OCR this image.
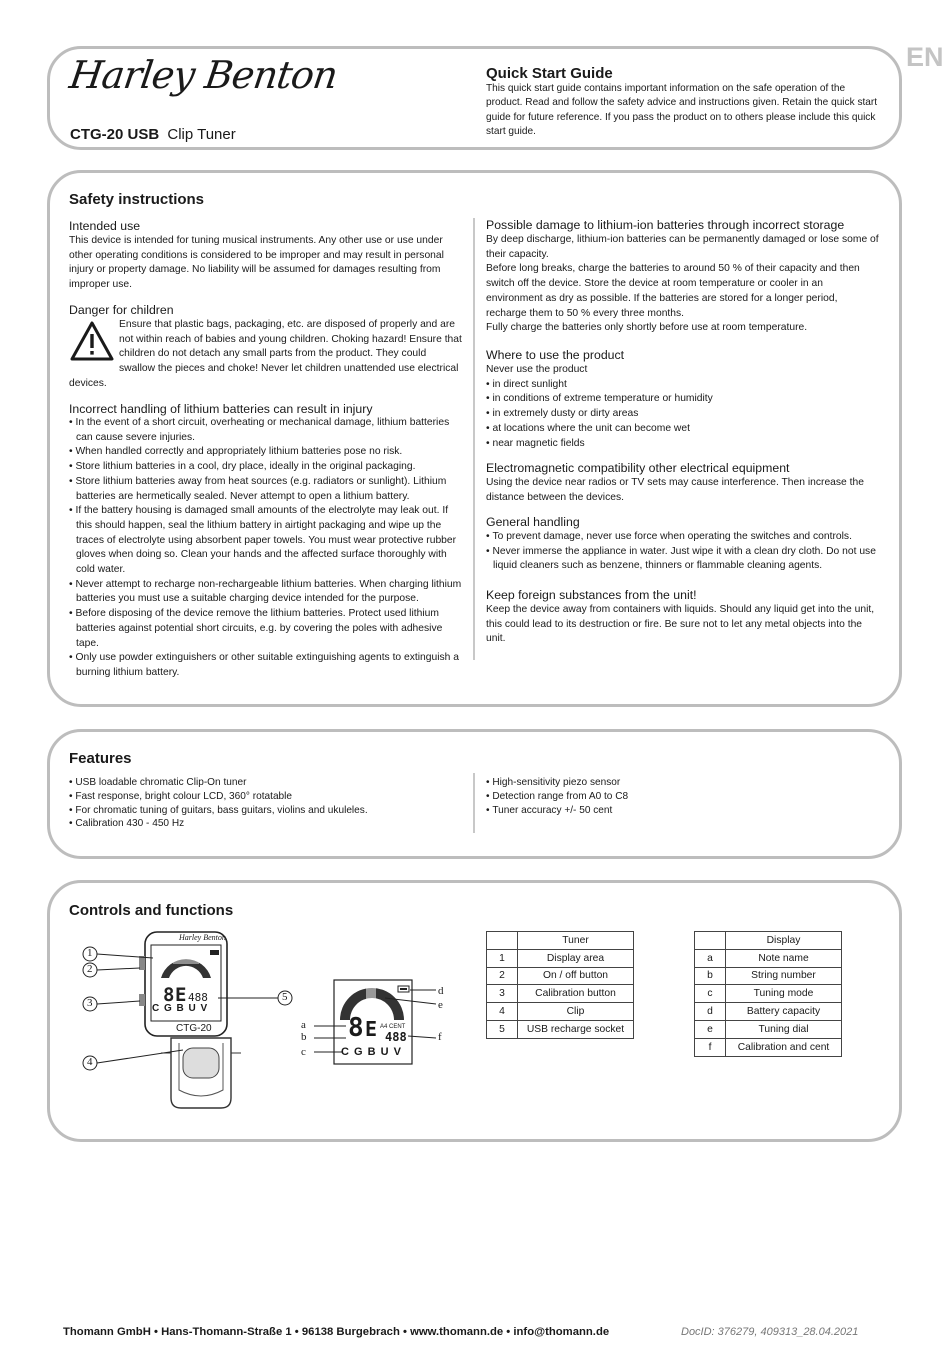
EN
Harley Benton
CTG-20 USB Clip Tuner
Quick Start Guide
This quick start guide contains important information on the safe operation of the product. Read and follow the safety advice and instructions given. Retain the quick start guide for future reference. If you pass the product on to others please include this quick start guide.
Safety instructions
Intended use
This device is intended for tuning musical instruments. Any other use or use under other operating conditions is considered to be improper and may result in personal injury or property damage. No liability will be assumed for damages resulting from improper use.
Danger for children
Ensure that plastic bags, packaging, etc. are disposed of properly and are not within reach of babies and young children. Choking hazard! Ensure that children do not detach any small parts from the product. They could swallow the pieces and choke! Never let children unattended use electrical devices.
Incorrect handling of lithium batteries can result in injury
• In the event of a short circuit, overheating or mechanical damage, lithium batteries can cause severe injuries.
• When handled correctly and appropriately lithium batteries pose no risk.
• Store lithium batteries in a cool, dry place, ideally in the original packaging.
• Store lithium batteries away from heat sources (e.g. radiators or sunlight). Lithium batteries are hermetically sealed. Never attempt to open a lithium battery.
• If the battery housing is damaged small amounts of the electrolyte may leak out. If this should happen, seal the lithium battery in airtight packaging and wipe up the traces of electrolyte using absorbent paper towels. You must wear protective rubber gloves when doing so. Clean your hands and the affected surface thoroughly with cold water.
• Never attempt to recharge non-rechargeable lithium batteries. When charging lithium batteries you must use a suitable charging device intended for the purpose.
• Before disposing of the device remove the lithium batteries. Protect used lithium batteries against potential short circuits, e.g. by covering the poles with adhesive tape.
• Only use powder extinguishers or other suitable extinguishing agents to extinguish a burning lithium battery.
Possible damage to lithium-ion batteries through incorrect storage

By deep discharge, lithium-ion batteries can be permanently damaged or lose some of their capacity.

Before long breaks, charge the batteries to around 50 % of their capacity and then switch off the device. Store the device at room temperature or cooler in an environment as dry as possible. If the batteries are stored for a longer period, recharge them to 50 % every three months.

Fully charge the batteries only shortly before use at room temperature.

Where to use the product

Never use the product

• in direct sunlight
• in conditions of extreme temperature or humidity
• in extremely dusty or dirty areas
• at locations where the unit can become wet
• near magnetic fields
Electromagnetic compatibility other electrical equipment
Using the device near radios or TV sets may cause interference. Then increase the distance between the devices.
General handling
• To prevent damage, never use force when operating the switches and controls.
• Never immerse the appliance in water. Just wipe it with a clean dry cloth. Do not use liquid cleaners such as benzene, thinners or flammable cleaning agents.
Keep foreign substances from the unit!
Keep the device away from containers with liquids. Should any liquid get into the unit, this could lead to its destruction or fire. Be sure not to let any metal objects into the unit.
Features
• USB loadable chromatic Clip-On tuner
• Fast response, bright colour LCD, 360° rotatable
• For chromatic tuning of guitars, bass guitars, violins and ukuleles.
• Calibration 430 - 450 Hz
• High-sensitivity piezo sensor
• Detection range from A0 to C8
• Tuner accuracy +/- 50 cent
Controls and functions
8 E 488
Harley Benton
C G B U V
CTG-20
1
2
3
4
5
8 E A4 CENT
488
C G B U V
a
b
c
d
e
f
	Tuner
1	Display area
2	On / off button
3	Calibration button
4	Clip
5	USB recharge socket
	Display
a	Note name
b	String number
c	Tuning mode
d	Battery capacity
e	Tuning dial
f	Calibration and cent
Thomann GmbH • Hans-Thomann-Straße 1 • 96138 Burgebrach • www.thomann.de • info@thomann.de	DocID: 376279, 409313_28.04.2021
